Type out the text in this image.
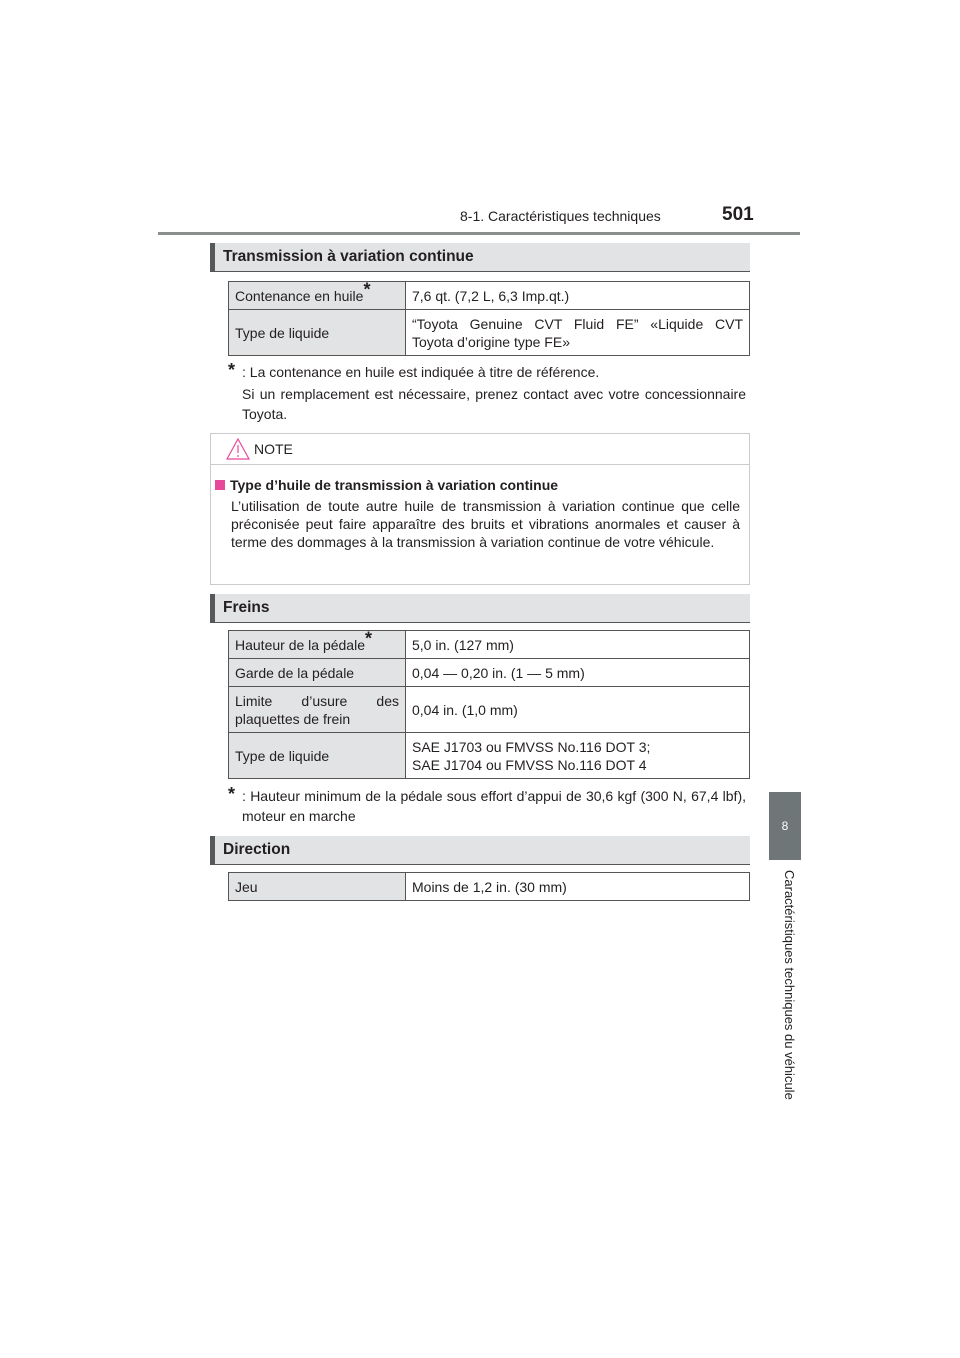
8-1. Caractéristiques techniques	501
8
Caractéristiques techniques du véhicule
Transmission à variation continue
Contenance en huile*	7,6 qt. (7,2 L, 6,3 Imp.qt.)
Type de liquide	“Toyota Genuine CVT Fluid FE” «Liquide CVT
Toyota d’origine type FE»
* : La contenance en huile est indiquée à titre de référence.
Si un remplacement est nécessaire, prenez contact avec votre concessionnaire Toyota.
NOTE
Type d’huile de transmission à variation continue
L’utilisation de toute autre huile de transmission à variation continue que celle préconisée peut faire apparaître des bruits et vibrations anormales et causer à terme des dommages à la transmission à variation continue de votre véhicule.
Freins
Hauteur de la pédale*	5,0 in. (127 mm)
Garde de la pédale	0,04 — 0,20 in. (1 — 5 mm)
Limite d’usure des plaquettes de frein	0,04 in. (1,0 mm)
Type de liquide	SAE J1703 ou FMVSS No.116 DOT 3;
SAE J1704 ou FMVSS No.116 DOT 4
* : Hauteur minimum de la pédale sous effort d’appui de 30,6 kgf (300 N, 67,4 lbf), moteur en marche
Direction
Jeu	Moins de 1,2 in. (30 mm)
